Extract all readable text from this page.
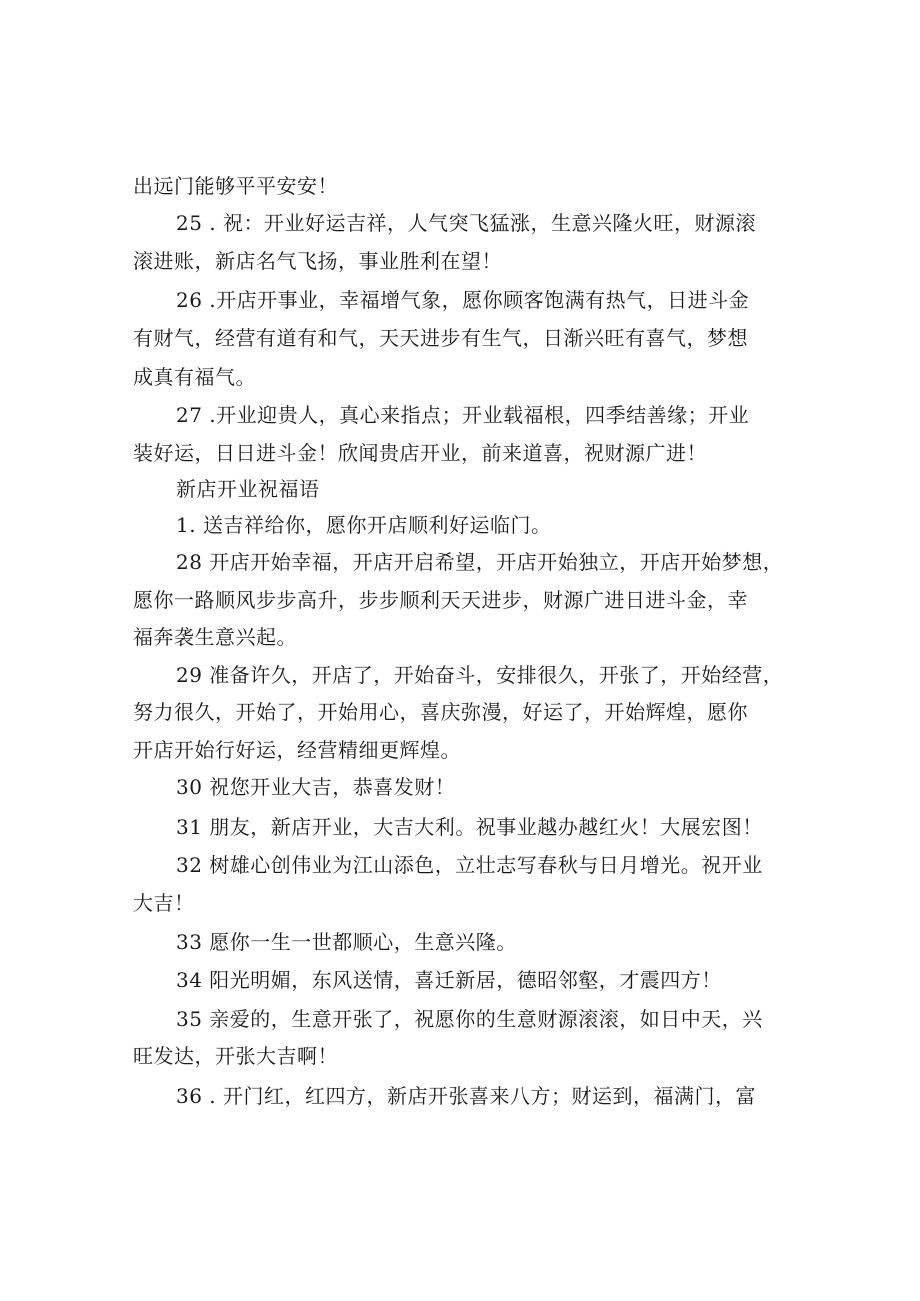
出远门能够平平安安！
25 . 祝：开业好运吉祥，人气突飞猛涨，生意兴隆火旺，财源滚
滚进账，新店名气飞扬，事业胜利在望！
26 .开店开事业，幸福增气象，愿你顾客饱满有热气，日进斗金
有财气，经营有道有和气，天天进步有生气，日渐兴旺有喜气，梦想
成真有福气。
27 .开业迎贵人，真心来指点；开业载福根，四季结善缘；开业
装好运，日日进斗金！欣闻贵店开业，前来道喜，祝财源广进！
新店开业祝福语
1. 送吉祥给你，愿你开店顺利好运临门。
28 开店开始幸福，开店开启希望，开店开始独立，开店开始梦想，
愿你一路顺风步步高升，步步顺利天天进步，财源广进日进斗金，幸
福奔袭生意兴起。
29 准备许久，开店了，开始奋斗，安排很久，开张了，开始经营，
努力很久，开始了，开始用心，喜庆弥漫，好运了，开始辉煌，愿你
开店开始行好运，经营精细更辉煌。
30 祝您开业大吉，恭喜发财！
31 朋友，新店开业，大吉大利。祝事业越办越红火！大展宏图！
32 树雄心创伟业为江山添色，立壮志写春秋与日月增光。祝开业
大吉！
33 愿你一生一世都顺心，生意兴隆。
34 阳光明媚，东风送情，喜迁新居，德昭邻壑，才震四方！
35 亲爱的，生意开张了，祝愿你的生意财源滚滚，如日中天，兴
旺发达，开张大吉啊！
36 . 开门红，红四方，新店开张喜来八方；财运到，福满门，富
